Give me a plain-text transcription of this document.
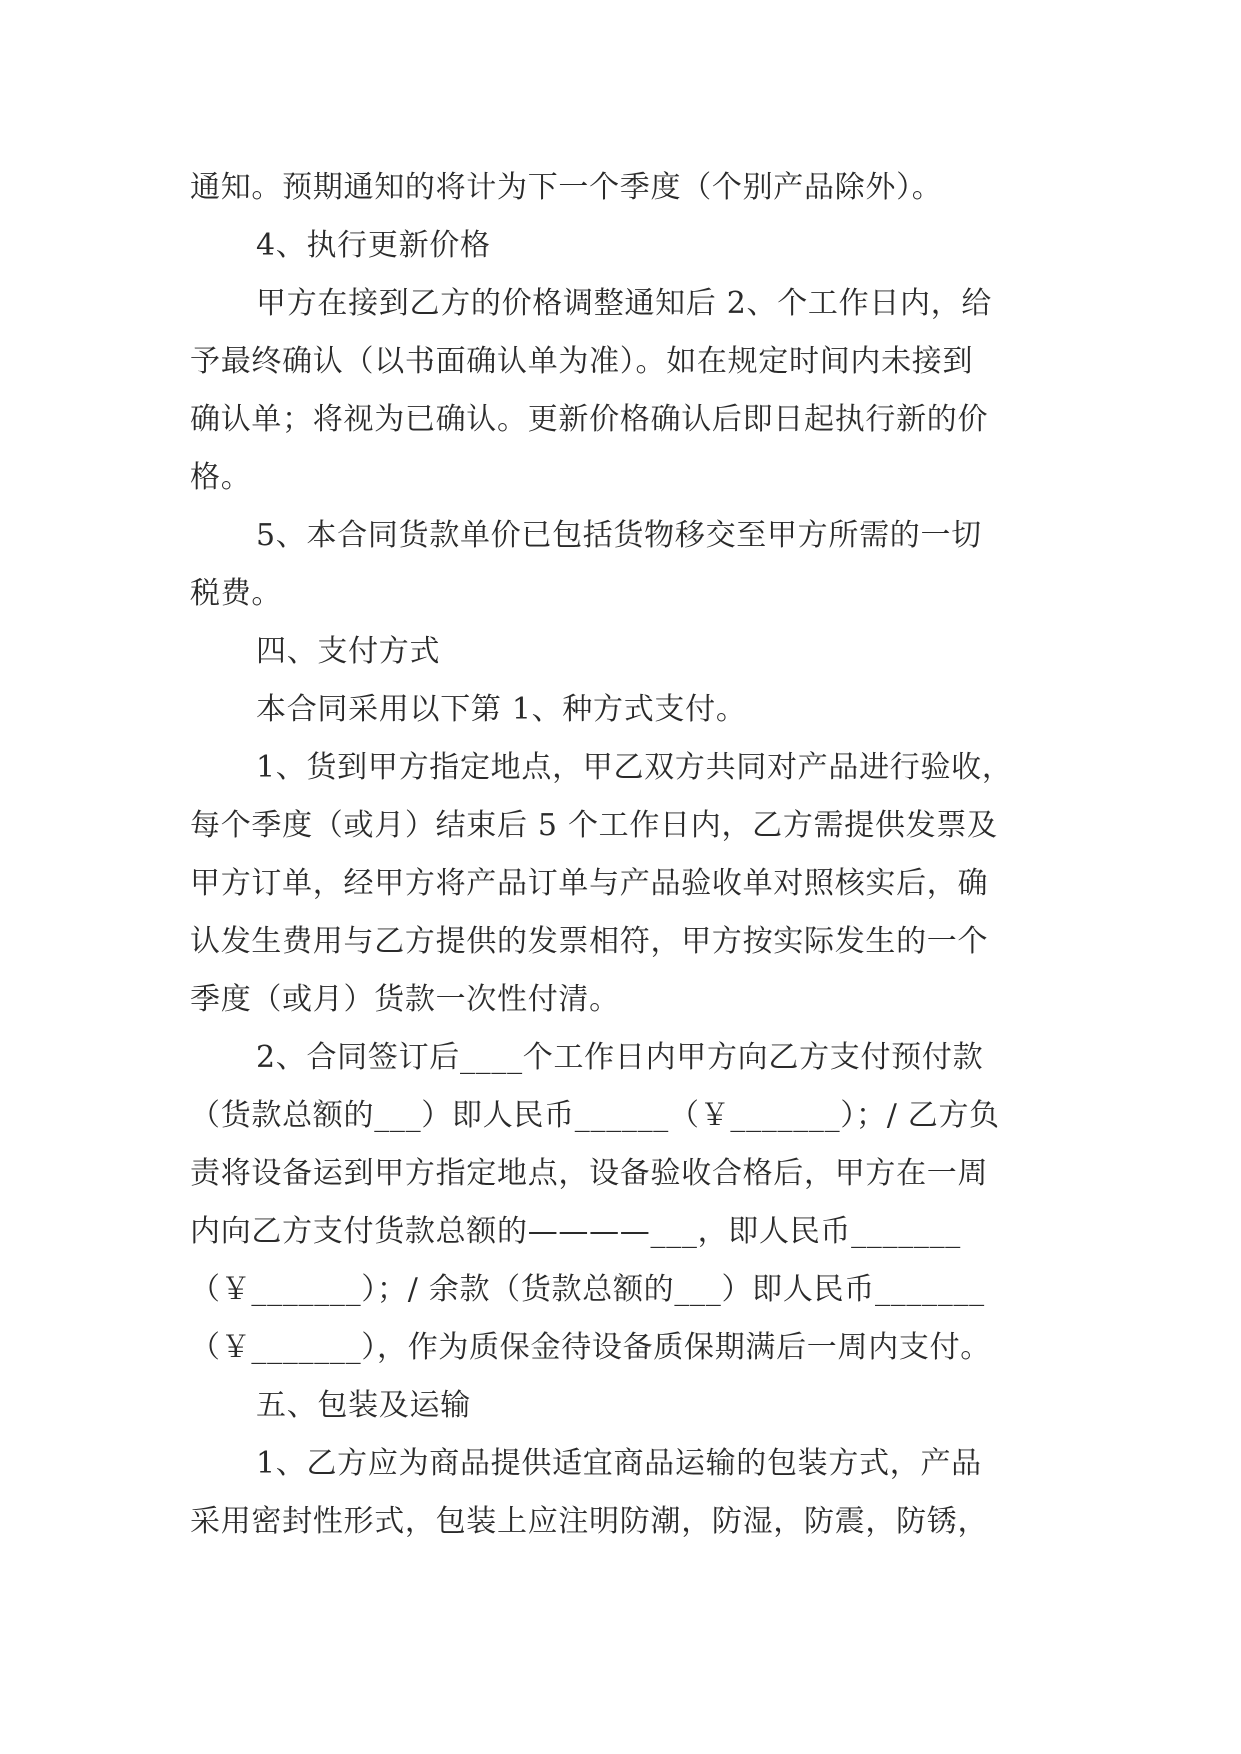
通知。预期通知的将计为下一个季度（个别产品除外）。
4、执行更新价格
甲方在接到乙方的价格调整通知后 2、个工作日内，给
予最终确认（以书面确认单为准）。如在规定时间内未接到
确认单；将视为已确认。更新价格确认后即日起执行新的价
格。
5、本合同货款单价已包括货物移交至甲方所需的一切
税费。
四、支付方式
本合同采用以下第 1、种方式支付。
1、货到甲方指定地点，甲乙双方共同对产品进行验收，
每个季度（或月）结束后 5 个工作日内，乙方需提供发票及
甲方订单，经甲方将产品订单与产品验收单对照核实后，确
认发生费用与乙方提供的发票相符，甲方按实际发生的一个
季度（或月）货款一次性付清。
2、合同签订后____个工作日内甲方向乙方支付预付款
（货款总额的___）即人民币______（￥_______）；/ 乙方负
责将设备运到甲方指定地点，设备验收合格后，甲方在一周
内向乙方支付货款总额的————___，即人民币_______
（￥_______）；/ 余款（货款总额的___）即人民币_______
（￥_______），作为质保金待设备质保期满后一周内支付。
五、包装及运输
1、乙方应为商品提供适宜商品运输的包装方式，产品
采用密封性形式，包装上应注明防潮，防湿，防震，防锈，
